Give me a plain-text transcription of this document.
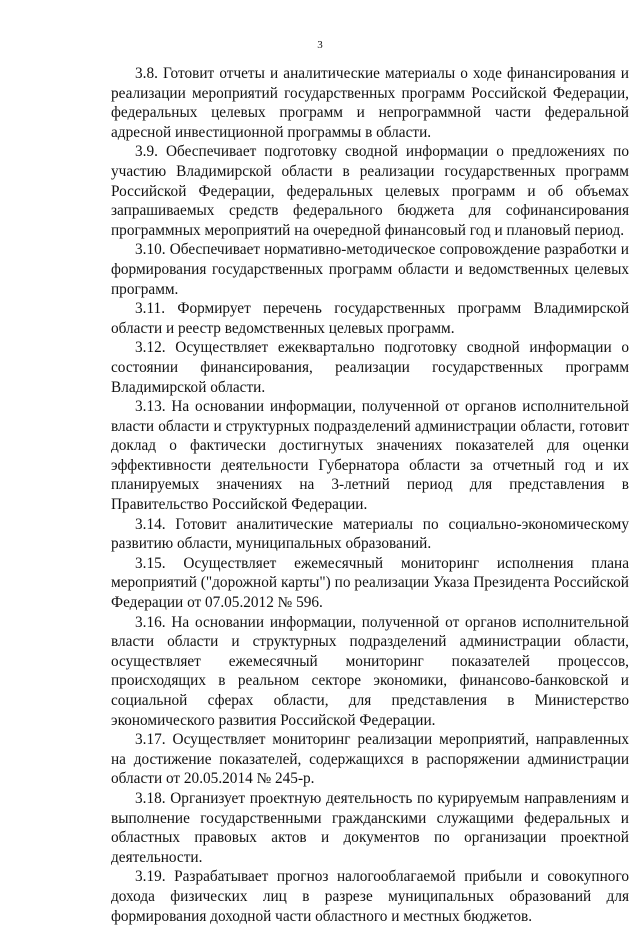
3

3.8. Готовит отчеты и аналитические материалы о ходе финансирования и реализации мероприятий государственных программ Российской Федерации, федеральных целевых программ и непрограммной части федеральной адресной инвестиционной программы в области.

3.9. Обеспечивает подготовку сводной информации о предложениях по участию Владимирской области в реализации государственных программ Российской Федерации, федеральных целевых программ и об объемах запрашиваемых средств федерального бюджета для софинансирования программных мероприятий на очередной финансовый год и плановый период.

3.10. Обеспечивает нормативно-методическое сопровождение разработки и формирования государственных программ области и ведомственных целевых программ.

3.11. Формирует перечень государственных программ Владимирской области и реестр ведомственных целевых программ.

3.12. Осуществляет ежеквартально подготовку сводной информации о состоянии финансирования, реализации государственных программ Владимирской области.

3.13. На основании информации, полученной от органов исполнительной власти области и структурных подразделений администрации области, готовит доклад о фактически достигнутых значениях показателей для оценки эффективности деятельности Губернатора области за отчетный год и их планируемых значениях на 3-летний период для представления в Правительство Российской Федерации.

3.14. Готовит аналитические материалы по социально-экономическому развитию области, муниципальных образований.

3.15. Осуществляет ежемесячный мониторинг исполнения плана мероприятий ("дорожной карты") по реализации Указа Президента Российской Федерации от 07.05.2012 № 596.

3.16. На основании информации, полученной от органов исполнительной власти области и структурных подразделений администрации области, осуществляет ежемесячный мониторинг показателей процессов, происходящих в реальном секторе экономики, финансово-банковской и социальной сферах области, для представления в Министерство экономического развития Российской Федерации.

3.17. Осуществляет мониторинг реализации мероприятий, направленных на достижение показателей, содержащихся в распоряжении администрации области от 20.05.2014 № 245-р.

3.18. Организует проектную деятельность по курируемым направлениям и выполнение государственными гражданскими служащими федеральных и областных правовых актов и документов по организации проектной деятельности.

3.19. Разрабатывает прогноз налогооблагаемой прибыли и совокупного дохода физических лиц в разрезе муниципальных образований для формирования доходной части областного и местных бюджетов.
